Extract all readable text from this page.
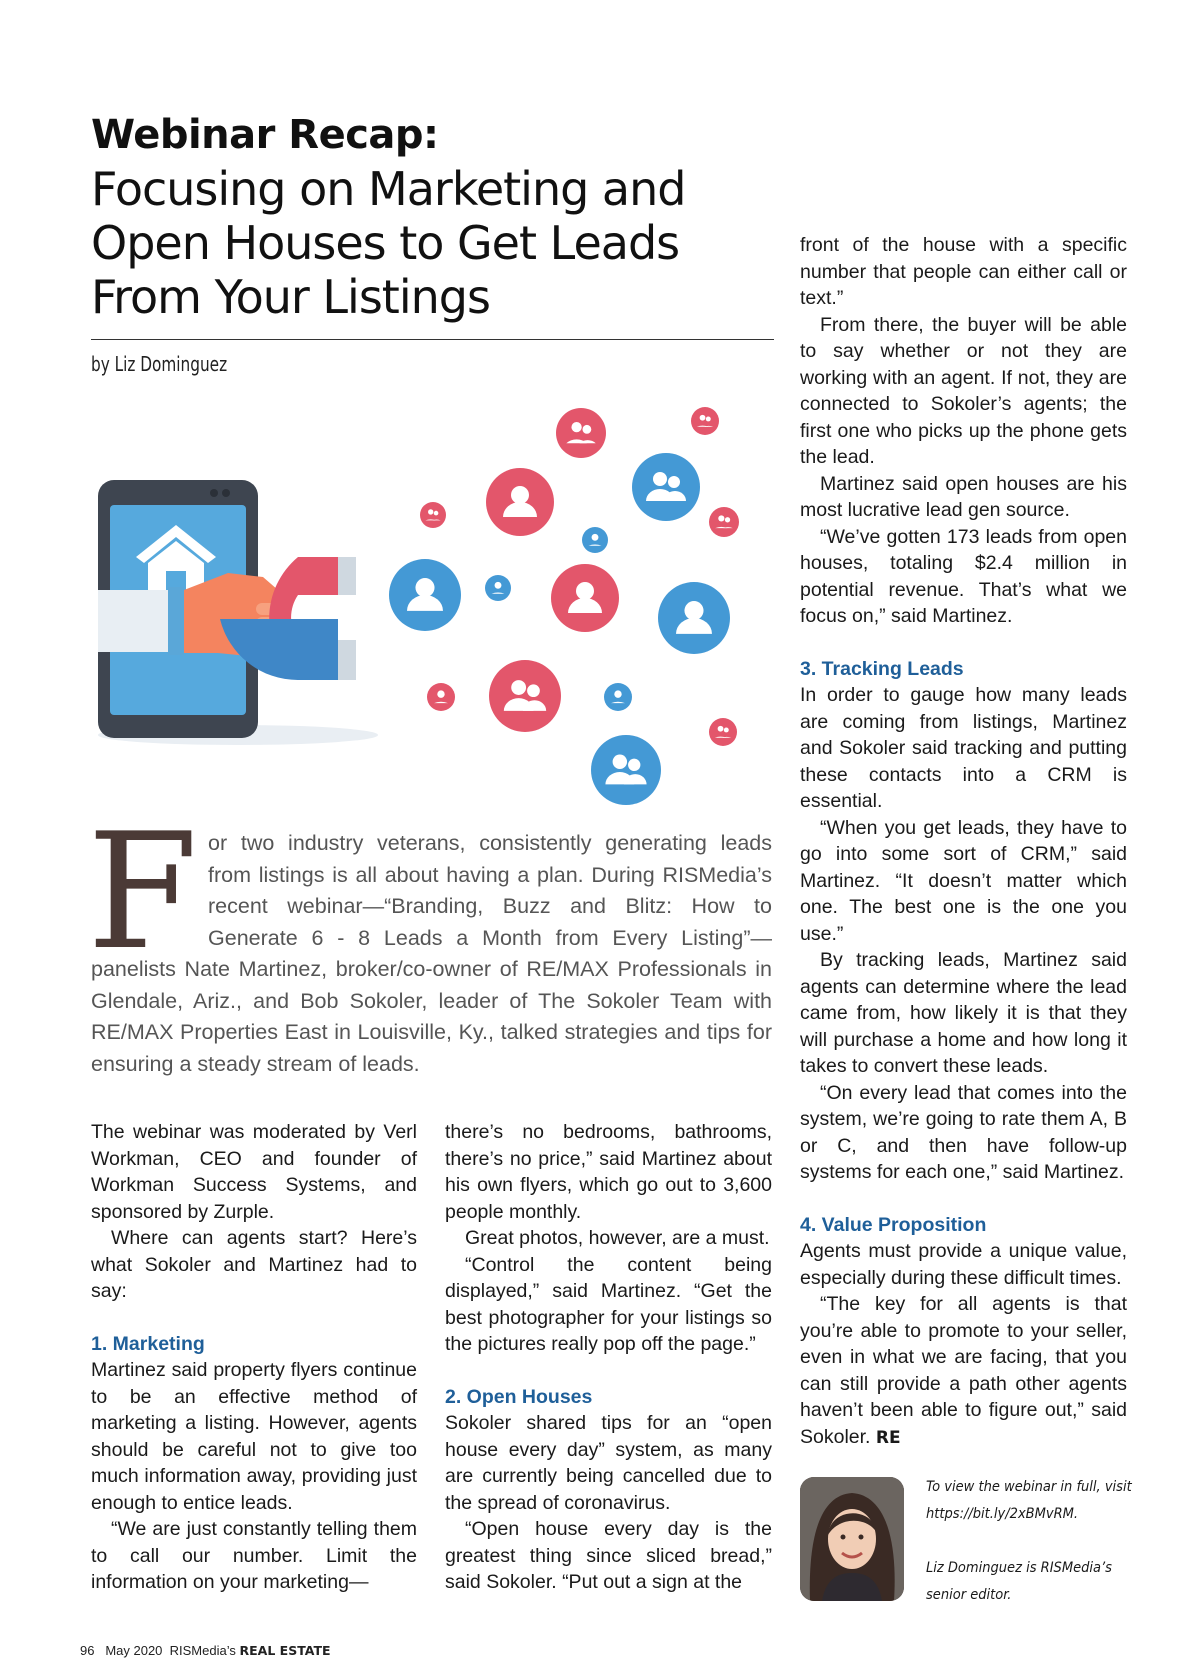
Webinar Recap:
Focusing on Marketing and
Open Houses to Get Leads
From Your Listings
by Liz Dominguez
For two industry veterans, consistently generating leads from listings is all about having a plan. During RISMedia’s recent webinar—“Branding, Buzz and Blitz: How to Generate 6 - 8 Leads a Month from Every Listing”—panelists Nate Martinez, broker/co-owner of RE/MAX Professionals in Glendale, Ariz., and Bob Sokoler, leader of The Sokoler Team with RE/MAX Properties East in Louisville, Ky., talked strategies and tips for ensuring a steady stream of leads.

The webinar was moderated by Verl Workman, CEO and founder of Workman Success Systems, and sponsored by Zurple.

Where can agents start? Here’s what Sokoler and Martinez had to say:

1. Marketing

Martinez said property flyers continue to be an effective method of marketing a listing. However, agents should be careful not to give too much information away, providing just enough to entice leads.

“We are just constantly telling them to call our number. Limit the information on your marketing—

there’s no bedrooms, bathrooms, there’s no price,” said Martinez about his own flyers, which go out to 3,600 people monthly.

Great photos, however, are a must.

“Control the content being displayed,” said Martinez. “Get the best photographer for your listings so the pictures really pop off the page.”

2. Open Houses

Sokoler shared tips for an “open house every day” system, as many are currently being cancelled due to the spread of coronavirus.

“Open house every day is the greatest thing since sliced bread,” said Sokoler. “Put out a sign at the

front of the house with a specific number that people can either call or text.”

From there, the buyer will be able to say whether or not they are working with an agent. If not, they are connected to Sokoler’s agents; the first one who picks up the phone gets the lead.

Martinez said open houses are his most lucrative lead gen source.

“We’ve gotten 173 leads from open houses, totaling $2.4 million in potential revenue. That’s what we focus on,” said Martinez.

3. Tracking Leads

In order to gauge how many leads are coming from listings, Martinez and Sokoler said tracking and putting these contacts into a CRM is essential.

“When you get leads, they have to go into some sort of CRM,” said Martinez. “It doesn’t matter which one. The best one is the one you use.”

By tracking leads, Martinez said agents can determine where the lead came from, how likely it is that they will purchase a home and how long it takes to convert these leads.

“On every lead that comes into the system, we’re going to rate them A, B or C, and then have follow-up systems for each one,” said Martinez.

4. Value Proposition

Agents must provide a unique value, especially during these difficult times.

“The key for all agents is that you’re able to promote to your seller, even in what we are facing, that you can still provide a path other agents haven’t been able to figure out,” said Sokoler. RE

To view the webinar in full, visit

https://bit.ly/2xBMvRM.

Liz Dominguez is RISMedia’s

senior editor.

96 May 2020 RISMedia’s REAL ESTATE
